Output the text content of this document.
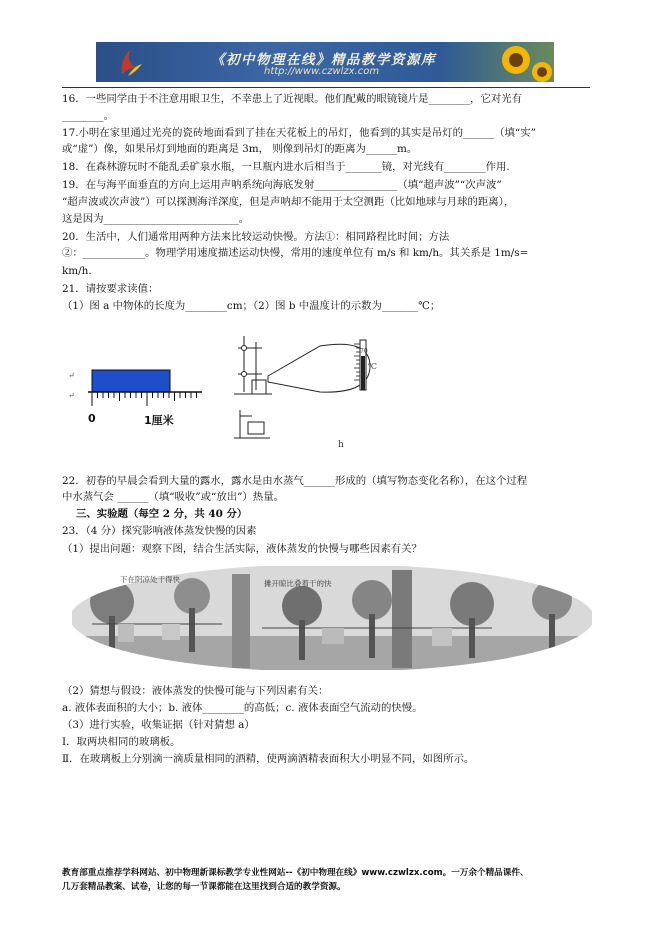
《初中物理在线》精品教学资源库
http://www.czwlzx.com
16．一些同学由于不注意用眼卫生，不幸患上了近视眼。他们配戴的眼镜镜片是________，它对光有
________。
17.小明在家里通过光亮的瓷砖地面看到了挂在天花板上的吊灯，他看到的其实是吊灯的______（填“实”
或“虚”）像，如果吊灯到地面的距离是 3m， 则像到吊灯的距离为______m。
18．在森林游玩时不能乱丢矿泉水瓶，一旦瓶内进水后相当于_______镜，对光线有________作用.
19．在与海平面垂直的方向上运用声呐系统向海底发射________________（填“超声波”“次声波”
“超声波或次声波”）可以探测海洋深度，但是声呐却不能用于太空测距（比如地球与月球的距离），
这是因为__________________________。
20．生活中，人们通常用两种方法来比较运动快慢。方法①：相同路程比时间；方法
②：____________。物理学用速度描述运动快慢，常用的速度单位有 m/s 和 km/h。其关系是 1m/s=
km/h.
21．请按要求读值：
（1）图 a 中物体的长度为________cm；（2）图 b 中温度计的示数为_______℃；
↵
↵
0	1厘米
70
℃
h
22．初春的早晨会看到大量的露水，露水是由水蒸气______形成的（填写物态变化名称），在这个过程
中水蒸气会 ______（填“吸收”或“放出”）热量。
三、实验题（每空 2 分，共 40 分）
23．（4 分）探究影响液体蒸发快慢的因素
（1）提出问题：观察下图，结合生活实际，液体蒸发的快慢与哪些因素有关？
下在阴凉处干得快	摊开晾比叠着干的快
（2）猜想与假设：液体蒸发的快慢可能与下列因素有关：
a. 液体表面积的大小；b. 液体________的高低；c. 液体表面空气流动的快慢。
（3）进行实验，收集证据（针对猜想 a）
Ⅰ．取两块相同的玻璃板。
Ⅱ．在玻璃板上分别滴一滴质量相同的酒精，使两滴酒精表面积大小明显不同，如图所示。
教育部重点推荐学科网站、初中物理新课标教学专业性网站--《初中物理在线》www.czwlzx.com。一万余个精品课件、
几万套精品教案、试卷，让您的每一节课都能在这里找到合适的教学资源。
